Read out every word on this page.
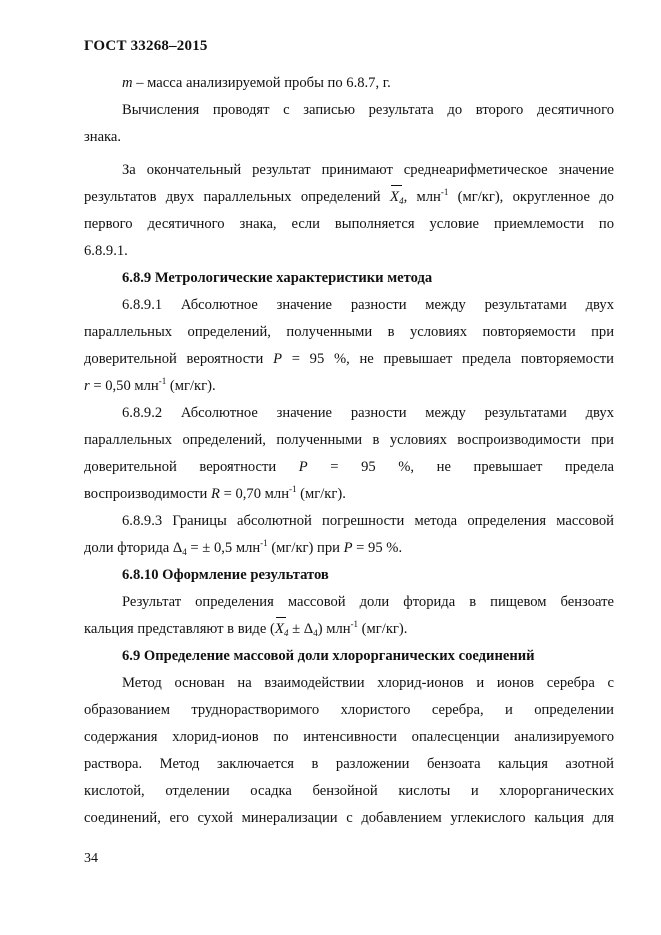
ГОСТ 33268–2015

m – масса анализируемой пробы по 6.8.7, г.

Вычисления проводят с записью результата до второго десятичного

знака.

За окончательный результат принимают среднеарифметическое значение

результатов двух параллельных определений $X_4$, млн$^{-1}$ (мг/кг), округленное до

первого десятичного знака, если выполняется условие приемлемости по

6.8.9.1.

6.8.9 Метрологические характеристики метода

6.8.9.1 Абсолютное значение разности между результатами двух

параллельных определений, полученными в условиях повторяемости при

доверительной вероятности P = 95 %, не превышает предела повторяемости

r = 0,50 млн$^{-1}$ (мг/кг).

6.8.9.2 Абсолютное значение разности между результатами двух

параллельных определений, полученными в условиях воспроизводимости при

доверительной вероятности P = 95 %, не превышает предела

воспроизводимости R = 0,70 млн$^{-1}$ (мг/кг).

6.8.9.3 Границы абсолютной погрешности метода определения массовой

доли фторида $\Delta_4$ = ± 0,5 млн$^{-1}$ (мг/кг) при P = 95 %.

6.8.10 Оформление результатов

Результат определения массовой доли фторида в пищевом бензоате

кальция представляют в виде $(X_4 \pm \Delta_4)$ млн$^{-1}$ (мг/кг).

6.9 Определение массовой доли хлорорганических соединений

Метод основан на взаимодействии хлорид-ионов и ионов серебра с

образованием труднорастворимого хлористого серебра, и определении

содержания хлорид-ионов по интенсивности опалесценции анализируемого

раствора. Метод заключается в разложении бензоата кальция азотной

кислотой, отделении осадка бензойной кислоты и хлорорганических

соединений, его сухой минерализации с добавлением углекислого кальция для

34
